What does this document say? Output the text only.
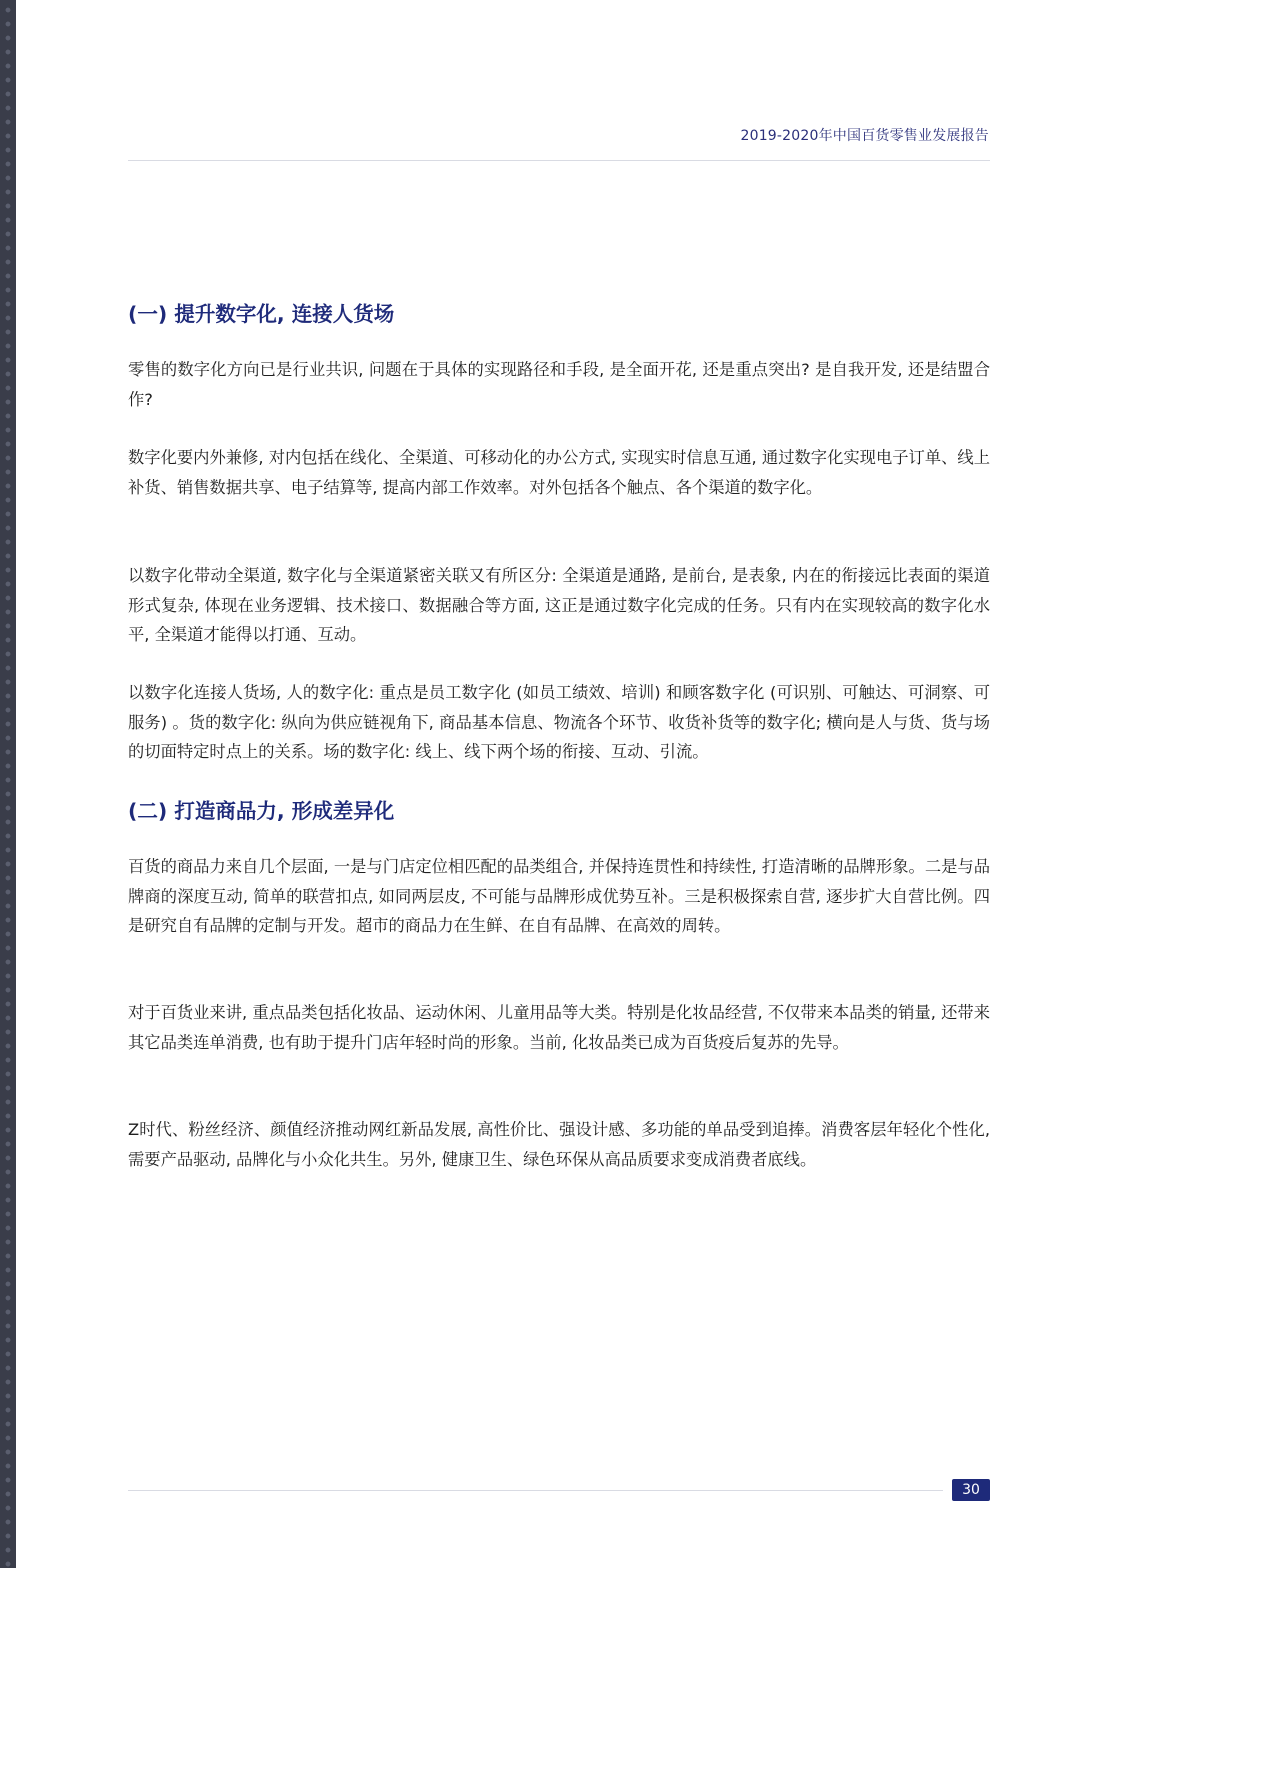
2019-2020年中国百货零售业发展报告
(一) 提升数字化, 连接人货场

零售的数字化方向已是行业共识, 问题在于具体的实现路径和手段, 是全面开花, 还是重点突出? 是自我开发, 还是结盟合作?

数字化要内外兼修, 对内包括在线化、全渠道、可移动化的办公方式, 实现实时信息互通, 通过数字化实现电子订单、线上补货、销售数据共享、电子结算等, 提高内部工作效率。对外包括各个触点、各个渠道的数字化。

以数字化带动全渠道, 数字化与全渠道紧密关联又有所区分: 全渠道是通路, 是前台, 是表象, 内在的衔接远比表面的渠道形式复杂, 体现在业务逻辑、技术接口、数据融合等方面, 这正是通过数字化完成的任务。只有内在实现较高的数字化水平, 全渠道才能得以打通、互动。

以数字化连接人货场, 人的数字化: 重点是员工数字化 (如员工绩效、培训) 和顾客数字化 (可识别、可触达、可洞察、可服务) 。货的数字化: 纵向为供应链视角下, 商品基本信息、物流各个环节、收货补货等的数字化; 横向是人与货、货与场的切面特定时点上的关系。场的数字化: 线上、线下两个场的衔接、互动、引流。

(二) 打造商品力, 形成差异化

百货的商品力来自几个层面, 一是与门店定位相匹配的品类组合, 并保持连贯性和持续性, 打造清晰的品牌形象。二是与品牌商的深度互动, 简单的联营扣点, 如同两层皮, 不可能与品牌形成优势互补。三是积极探索自营, 逐步扩大自营比例。四是研究自有品牌的定制与开发。超市的商品力在生鲜、在自有品牌、在高效的周转。

对于百货业来讲, 重点品类包括化妆品、运动休闲、儿童用品等大类。特别是化妆品经营, 不仅带来本品类的销量, 还带来其它品类连单消费, 也有助于提升门店年轻时尚的形象。当前, 化妆品类已成为百货疫后复苏的先导。

Z时代、粉丝经济、颜值经济推动网红新品发展, 高性价比、强设计感、多功能的单品受到追捧。消费客层年轻化个性化, 需要产品驱动, 品牌化与小众化共生。另外, 健康卫生、绿色环保从高品质要求变成消费者底线。

30
